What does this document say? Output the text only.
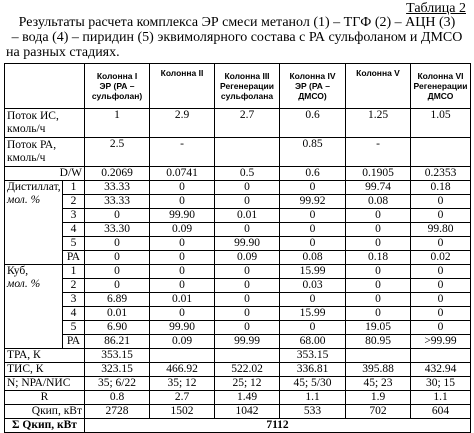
Таблица 2
Результаты расчета комплекса ЭР смеси метанол (1) – ТГФ (2) – АЦН (3)
– вода (4) – пиридин (5) эквимолярного состава с РА сульфоланом и ДМСО
на разных стадиях.
		Колонна I
ЭР (РА –
сульфолан)	Колонна II	Колонна III
Регенерации
сульфолана	Колонна IV
ЭР (РА –
ДМСО)	Колонна V	Колонна VI
Регенерации
ДМСО
Поток ИС,
кмоль/ч		1	2.9	2.7	0.6	1.25	1.05
Поток РА,
кмоль/ч		2.5	-		0.85	-	
D/W		0.2069	0.0741	0.5	0.6	0.1905	0.2353
Дистиллат,
мол. %	1	33.33	0	0	0	99.74	0.18
	2	33.33	0	0	99.92	0.08	0
	3	0	99.90	0.01	0	0	0
	4	33.30	0.09	0	0	0	99.80
	5	0	0	99.90	0	0	0
	РА	0	0	0.09	0.08	0.18	0.02
Куб,
мол. %	1	0	0	0	15.99	0	0
	2	0	0	0	0.03	0	0
	3	6.89	0.01	0	0	0	0
	4	0.01	0	0	15.99	0	0
	5	6.90	99.90	0	0	19.05	0
	РА	86.21	0.09	99.99	68.00	80.95	>99.99
TРА, К		353.15			353.15		
TИС, К		323.15	466.92	522.02	336.81	395.88	432.94
N; NРА/NИС		35; 6/22	35; 12	25; 12	45; 5/30	45; 23	30; 15
R		0.8	2.7	1.49	1.1	1.9	1.1
Qкип, кВт		2728	1502	1042	533	702	604
Σ Qкип, кВт		7112					
